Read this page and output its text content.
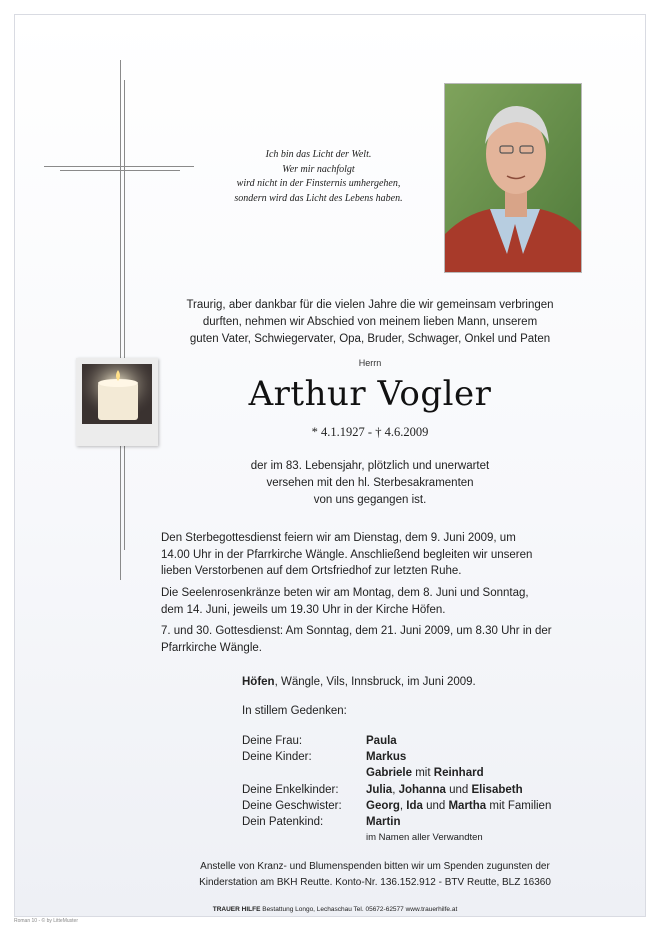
Ich bin das Licht der Welt.
Wer mir nachfolgt
wird nicht in der Finsternis umhergehen,
sondern wird das Licht des Lebens haben.
Traurig, aber dankbar für die vielen Jahre die wir gemeinsam verbringen
durften, nehmen wir Abschied von meinem lieben Mann, unserem
guten Vater, Schwiegervater, Opa, Bruder, Schwager, Onkel und Paten
Herrn
Arthur Vogler
* 4.1.1927 - † 4.6.2009
der im 83. Lebensjahr, plötzlich und unerwartet
versehen mit den hl. Sterbesakramenten
von uns gegangen ist.
Den Sterbegottesdienst feiern wir am Dienstag, dem 9. Juni 2009, um
14.00 Uhr in der Pfarrkirche Wängle. Anschließend begleiten wir unseren
lieben Verstorbenen auf dem Ortsfriedhof zur letzten Ruhe.
Die Seelenrosenkränze beten wir am Montag, dem 8. Juni und Sonntag,
dem 14. Juni, jeweils um 19.30 Uhr in der Kirche Höfen.
7. und 30. Gottesdienst: Am Sonntag, dem 21. Juni 2009, um 8.30 Uhr in der
Pfarrkirche Wängle.
Höfen, Wängle, Vils, Innsbruck, im Juni 2009.
In stillem Gedenken:
Deine Frau:	Paula
Deine Kinder:	Markus
Gabriele mit Reinhard
Deine Enkelkinder:	Julia, Johanna und Elisabeth
Deine Geschwister:	Georg, Ida und Martha mit Familien
Dein Patenkind:	Martin
im Namen aller Verwandten
Anstelle von Kranz- und Blumenspenden bitten wir um Spenden zugunsten der
Kinderstation am BKH Reutte. Konto-Nr. 136.152.912 - BTV Reutte, BLZ 16360
TRAUER HILFE Bestattung Longo, Lechaschau Tel. 05672-62577 www.trauerhilfe.at
Roman 10 - © by LitteMuster
